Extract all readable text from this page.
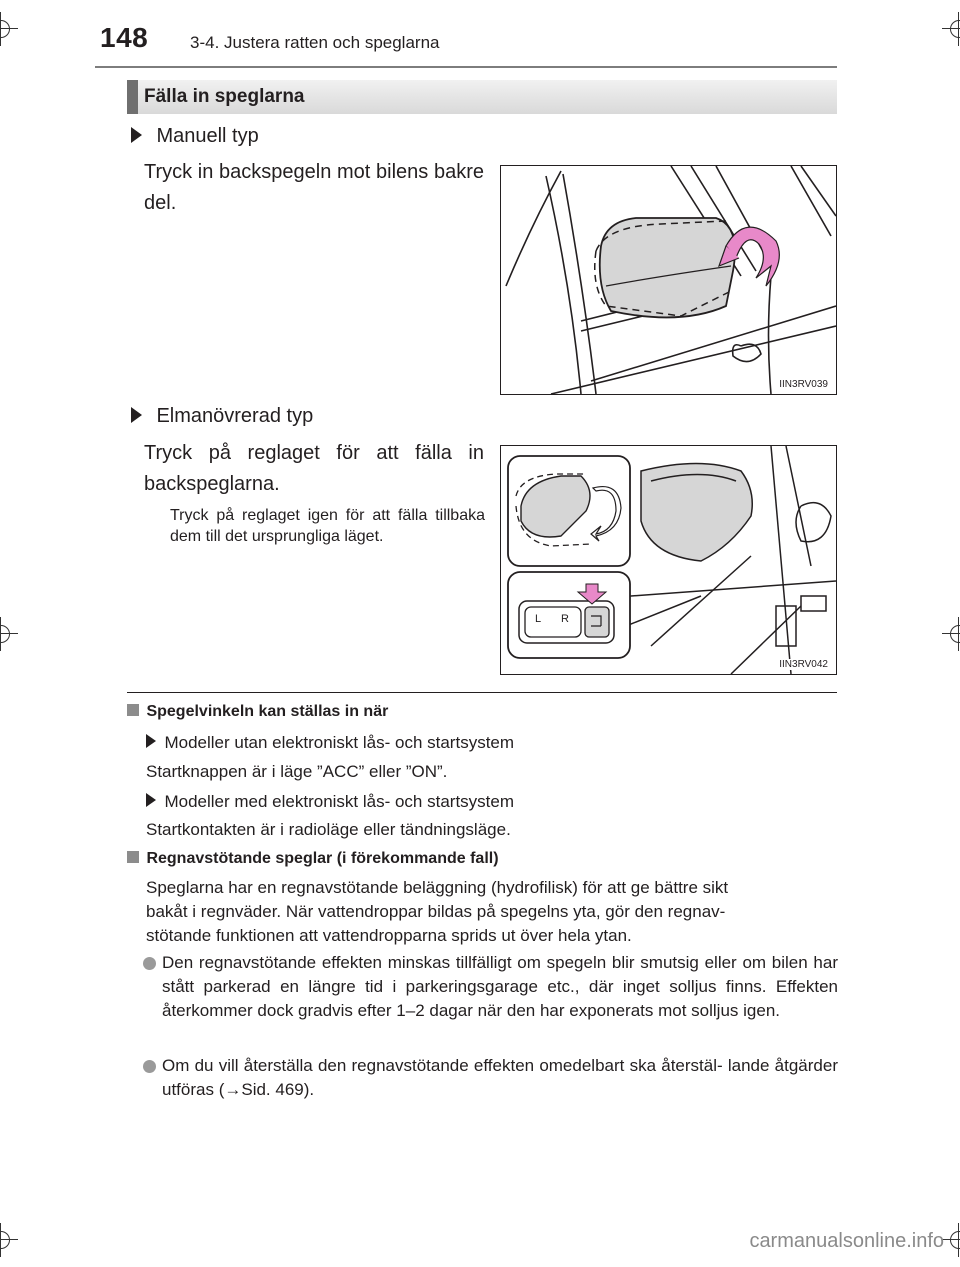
148 3-4. Justera ratten och speglarna
Fälla in speglarna
Manuell typ
Tryck in backspegeln mot bilens bakre del.
IIN3RV039
Elmanövrerad typ
Tryck på reglaget för att fälla in backspeglarna.
Tryck på reglaget igen för att fälla tillbaka dem till det ursprungliga läget.
L R
IIN3RV042
Spegelvinkeln kan ställas in när
Modeller utan elektroniskt lås- och startsystem
Startknappen är i läge ”ACC” eller ”ON”.
Modeller med elektroniskt lås- och startsystem
Startkontakten är i radioläge eller tändningsläge.
Regnavstötande speglar (i förekommande fall)
Speglarna har en regnavstötande beläggning (hydrofilisk) för att ge bättre sikt
bakåt i regnväder. När vattendroppar bildas på spegelns yta, gör den regnav-
stötande funktionen att vattendropparna sprids ut över hela ytan.
Den regnavstötande effekten minskas tillfälligt om spegeln blir smutsig eller om bilen har stått parkerad en längre tid i parkeringsgarage etc., där inget solljus finns. Effekten återkommer dock gradvis efter 1–2 dagar när den har exponerats mot solljus igen.
Om du vill återställa den regnavstötande effekten omedelbart ska återstäl- lande åtgärder utföras (→Sid. 469).
carmanualsonline.info
